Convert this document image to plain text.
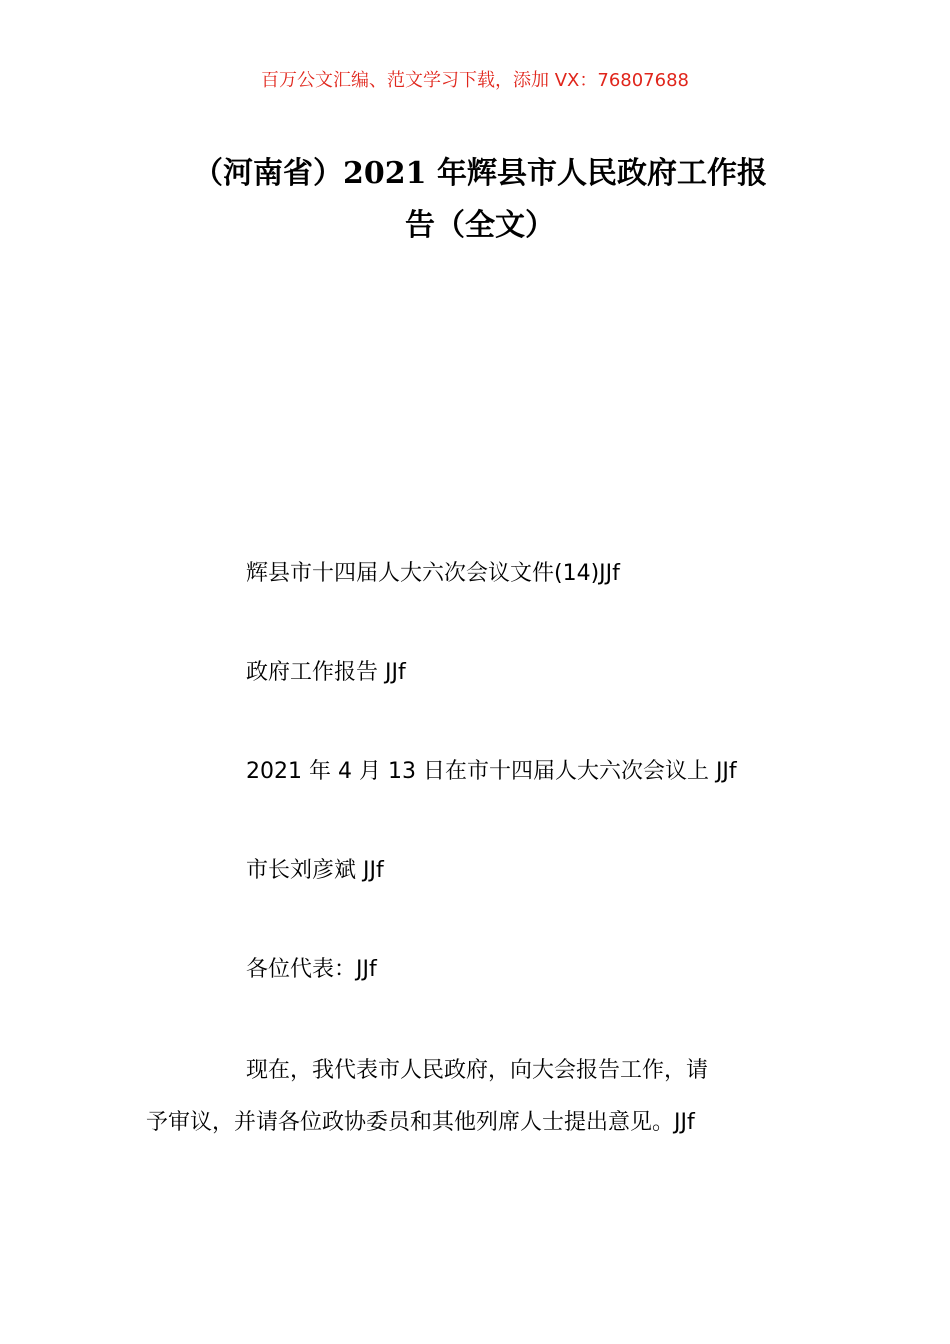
百万公文汇编、范文学习下载，添加 VX：76807688
（河南省）2021 年辉县市人民政府工作报
告（全文）

辉县市十四届人大六次会议文件(14)JJf

政府工作报告 JJf

2021 年 4 月 13 日在市十四届人大六次会议上 JJf

市长刘彦斌 JJf

各位代表：JJf

现在，我代表市人民政府，向大会报告工作，请
予审议，并请各位政协委员和其他列席人士提出意见。JJf
